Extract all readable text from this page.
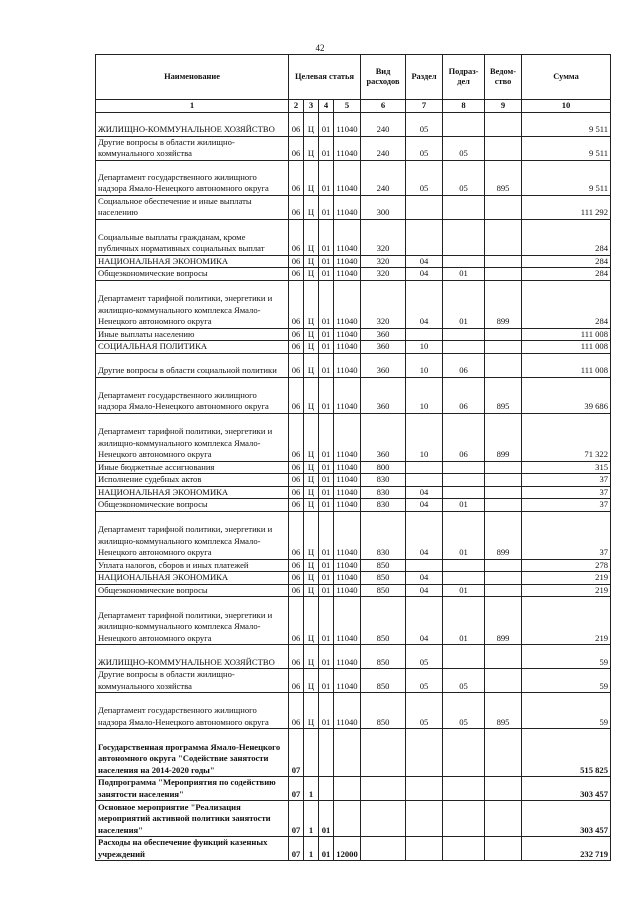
42
Наименование	Целевая статья				Вид расходов	Раздел	Подраз-дел	Ведом-ство	Сумма
1	2	3	4	5	6	7	8	9	10
ЖИЛИЩНО-КОММУНАЛЬНОЕ ХОЗЯЙСТВО	06	Ц	01	11040	240	05			9 511
Другие вопросы в области жилищно-коммунального хозяйства	06	Ц	01	11040	240	05	05		9 511
Департамент государственного жилищного надзора Ямало-Ненецкого автономного округа	06	Ц	01	11040	240	05	05	895	9 511
Социальное обеспечение и иные выплаты населению	06	Ц	01	11040	300				111 292
Социальные выплаты гражданам, кроме публичных нормативных социальных выплат	06	Ц	01	11040	320				284
НАЦИОНАЛЬНАЯ ЭКОНОМИКА	06	Ц	01	11040	320	04			284
Общеэкономические вопросы	06	Ц	01	11040	320	04	01		284
Департамент тарифной политики, энергетики и жилищно-коммунального комплекса Ямало-Ненецкого автономного округа	06	Ц	01	11040	320	04	01	899	284
Иные выплаты населению	06	Ц	01	11040	360				111 008
СОЦИАЛЬНАЯ ПОЛИТИКА	06	Ц	01	11040	360	10			111 008
Другие вопросы в области социальной политики	06	Ц	01	11040	360	10	06		111 008
Департамент государственного жилищного надзора Ямало-Ненецкого автономного округа	06	Ц	01	11040	360	10	06	895	39 686
Департамент тарифной политики, энергетики и жилищно-коммунального комплекса Ямало-Ненецкого автономного округа	06	Ц	01	11040	360	10	06	899	71 322
Иные бюджетные ассигнования	06	Ц	01	11040	800				315
Исполнение судебных актов	06	Ц	01	11040	830				37
НАЦИОНАЛЬНАЯ ЭКОНОМИКА	06	Ц	01	11040	830	04			37
Общеэкономические вопросы	06	Ц	01	11040	830	04	01		37
Департамент тарифной политики, энергетики и жилищно-коммунального комплекса Ямало-Ненецкого автономного округа	06	Ц	01	11040	830	04	01	899	37
Уплата налогов, сборов и иных платежей	06	Ц	01	11040	850				278
НАЦИОНАЛЬНАЯ ЭКОНОМИКА	06	Ц	01	11040	850	04			219
Общеэкономические вопросы	06	Ц	01	11040	850	04	01		219
Департамент тарифной политики, энергетики и жилищно-коммунального комплекса Ямало-Ненецкого автономного округа	06	Ц	01	11040	850	04	01	899	219
ЖИЛИЩНО-КОММУНАЛЬНОЕ ХОЗЯЙСТВО	06	Ц	01	11040	850	05			59
Другие вопросы в области жилищно-коммунального хозяйства	06	Ц	01	11040	850	05	05		59
Департамент государственного жилищного надзора Ямало-Ненецкого автономного округа	06	Ц	01	11040	850	05	05	895	59
Государственная программа Ямало-Ненецкого автономного округа "Содействие занятости населения на 2014-2020 годы"	07								515 825
Подпрограмма "Мероприятия по содействию занятости населения"	07	1							303 457
Основное мероприятие "Реализация мероприятий активной политики занятости населения"	07	1	01						303 457
Расходы на обеспечение функций казенных учреждений	07	1	01	12000					232 719
